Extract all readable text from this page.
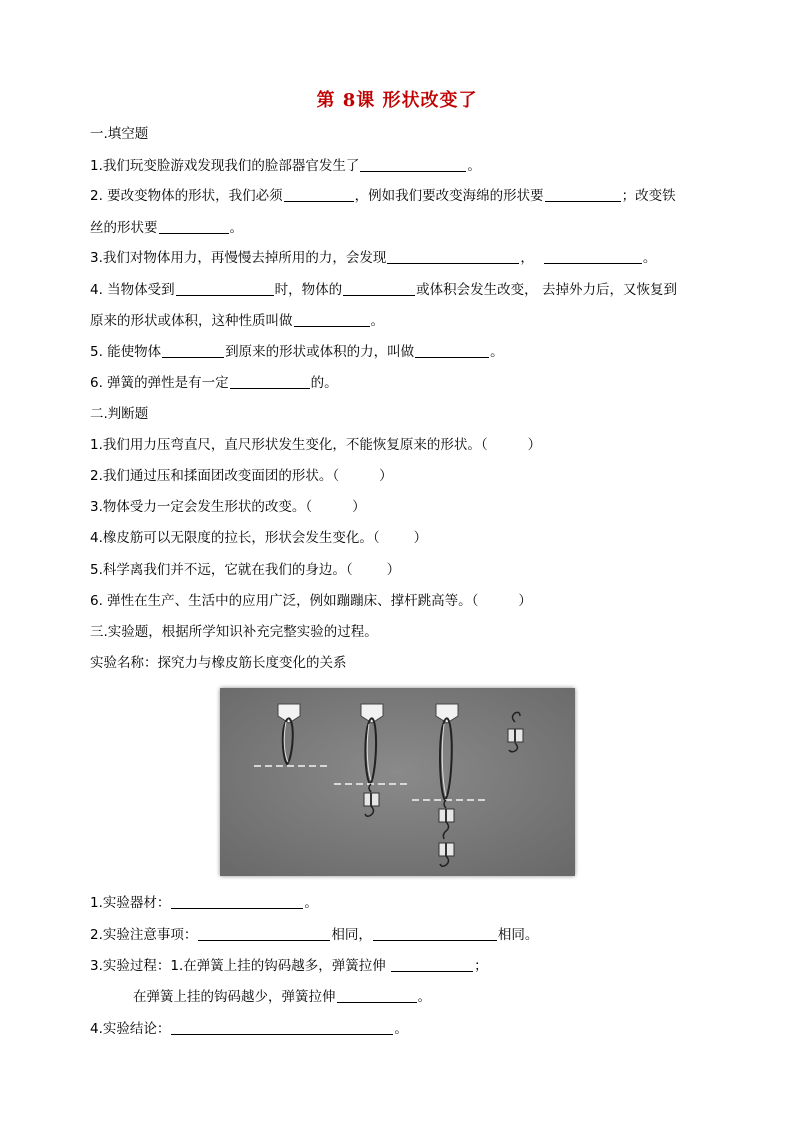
第 8课 形状改变了
一.填空题
1.我们玩变脸游戏发现我们的脸部器官发生了	。
2. 要改变物体的形状，我们必须	，例如我们要改变海绵的形状要	；改变铁
丝的形状要	。
3.我们对物体用力，再慢慢去掉所用的力，会发现	，	。
4. 当物体受到	时，物体的	或体积会发生改变， 去掉外力后，又恢复到
原来的形状或体积，这种性质叫做	。
5. 能使物体	到原来的形状或体积的力，叫做	。
6. 弹簧的弹性是有一定	的。
二.判断题
1.我们用力压弯直尺，直尺形状发生变化，不能恢复原来的形状。（	）
2.我们通过压和揉面团改变面团的形状。（	）
3.物体受力一定会发生形状的改变。（	）
4.橡皮筋可以无限度的拉长，形状会发生变化。（	）
5.科学离我们并不远，它就在我们的身边。（	）
6. 弹性在生产、生活中的应用广泛，例如蹦蹦床、撑杆跳高等。（	）
三.实验题，根据所学知识补充完整实验的过程。
实验名称：探究力与橡皮筋长度变化的关系
1.实验器材：	。
2.实验注意事项：	相同，	相同。
3.实验过程：1.在弹簧上挂的钩码越多，弹簧拉伸	；
在弹簧上挂的钩码越少，弹簧拉伸	。
4.实验结论：	。
